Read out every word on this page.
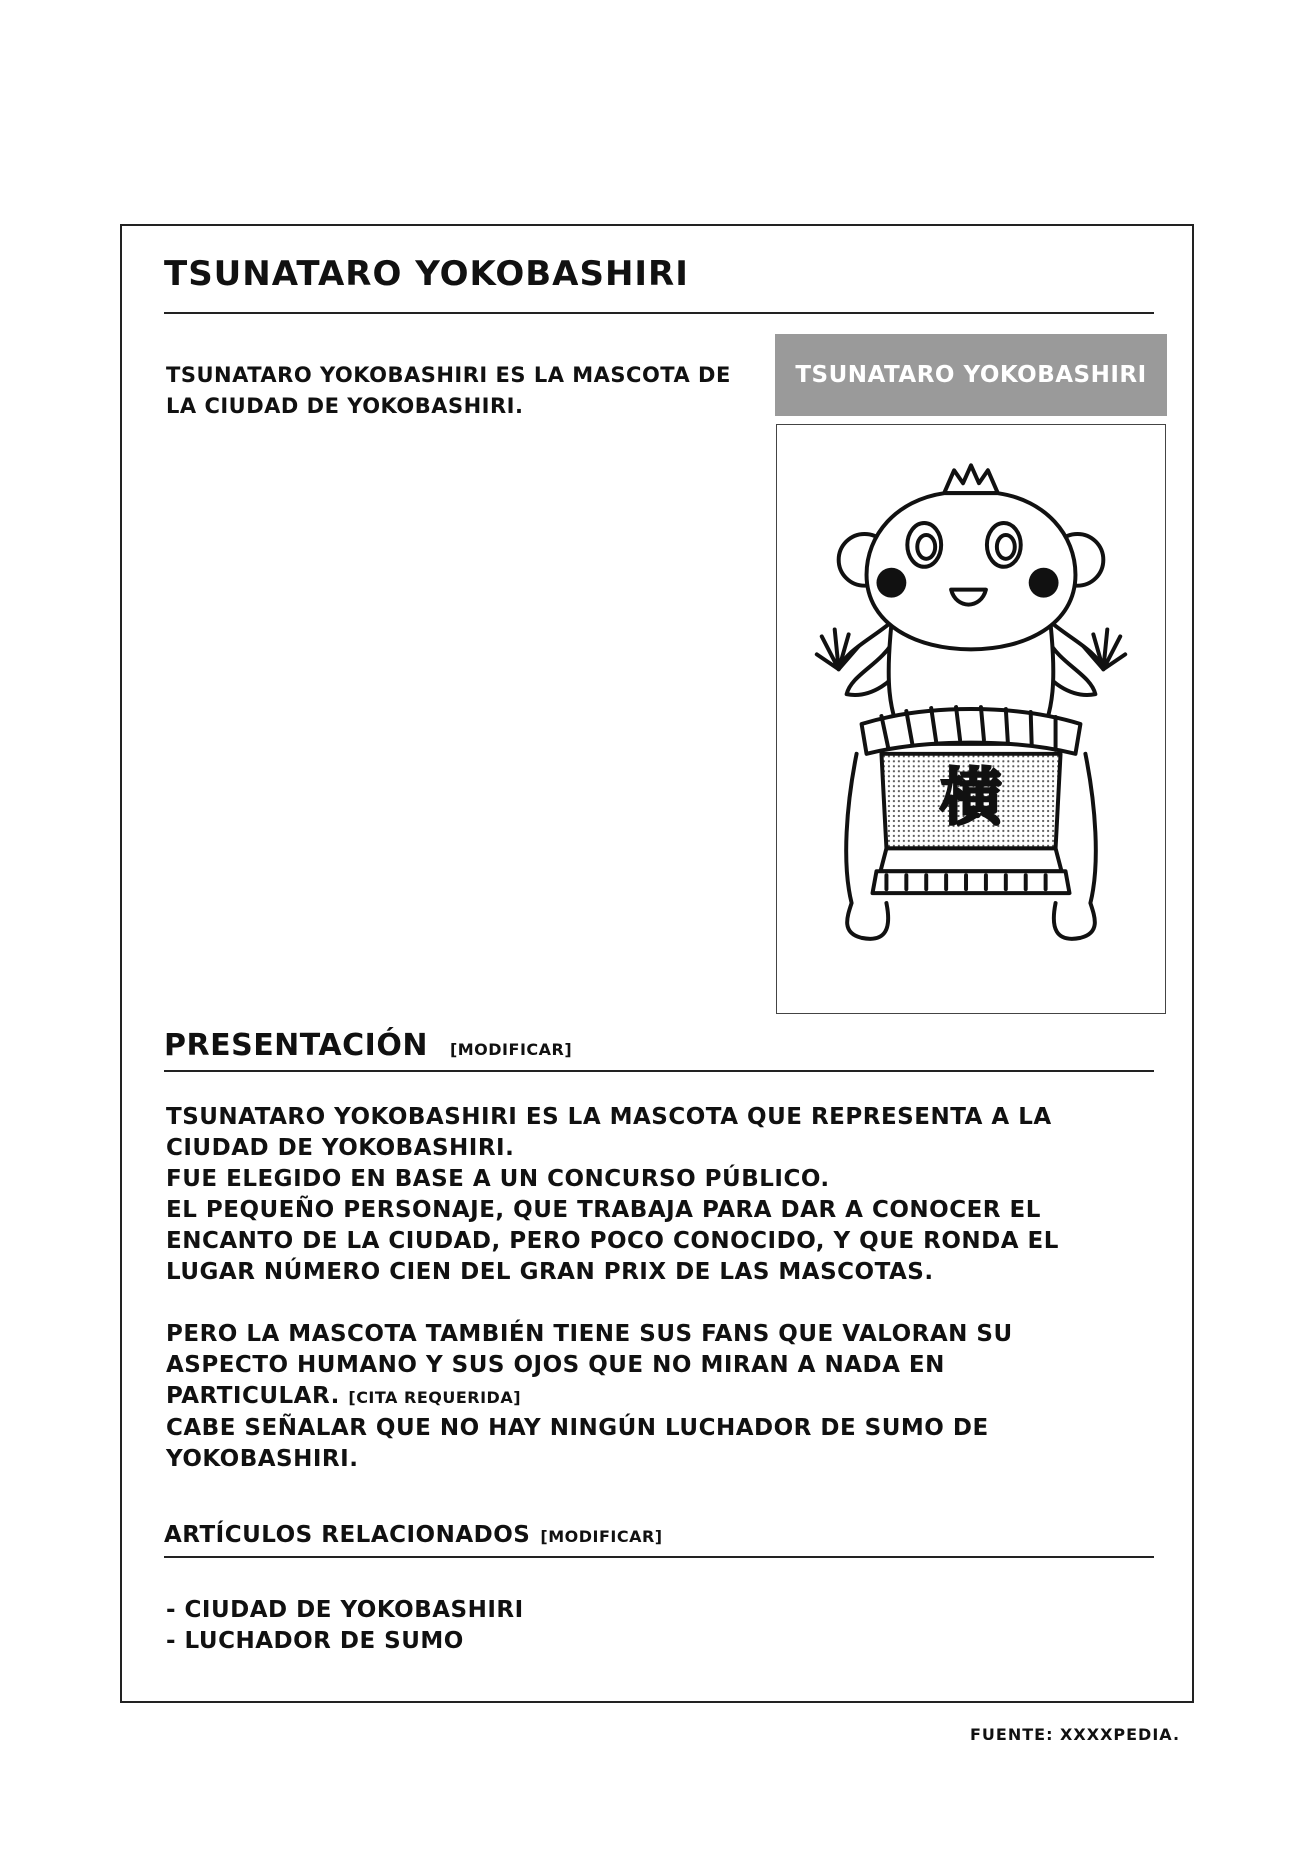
TSUNATARO YOKOBASHIRI
TSUNATARO YOKOBASHIRI ES LA MASCOTA DE LA CIUDAD DE YOKOBASHIRI.
TSUNATARO YOKOBASHIRI
横
PRESENTACIÓN [MODIFICAR]

TSUNATARO YOKOBASHIRI ES LA MASCOTA QUE REPRESENTA A LA

CIUDAD DE YOKOBASHIRI.

FUE ELEGIDO EN BASE A UN CONCURSO PÚBLICO.

EL PEQUEÑO PERSONAJE, QUE TRABAJA PARA DAR A CONOCER EL

ENCANTO DE LA CIUDAD, PERO POCO CONOCIDO, Y QUE RONDA EL

LUGAR NÚMERO CIEN DEL GRAN PRIX DE LAS MASCOTAS.

PERO LA MASCOTA TAMBIÉN TIENE SUS FANS QUE VALORAN SU

ASPECTO HUMANO Y SUS OJOS QUE NO MIRAN A NADA EN

PARTICULAR. [CITA REQUERIDA]

CABE SEÑALAR QUE NO HAY NINGÚN LUCHADOR DE SUMO DE

YOKOBASHIRI.

ARTÍCULOS RELACIONADOS [MODIFICAR]
- CIUDAD DE YOKOBASHIRI
- LUCHADOR DE SUMO
FUENTE: XXXXPEDIA.
